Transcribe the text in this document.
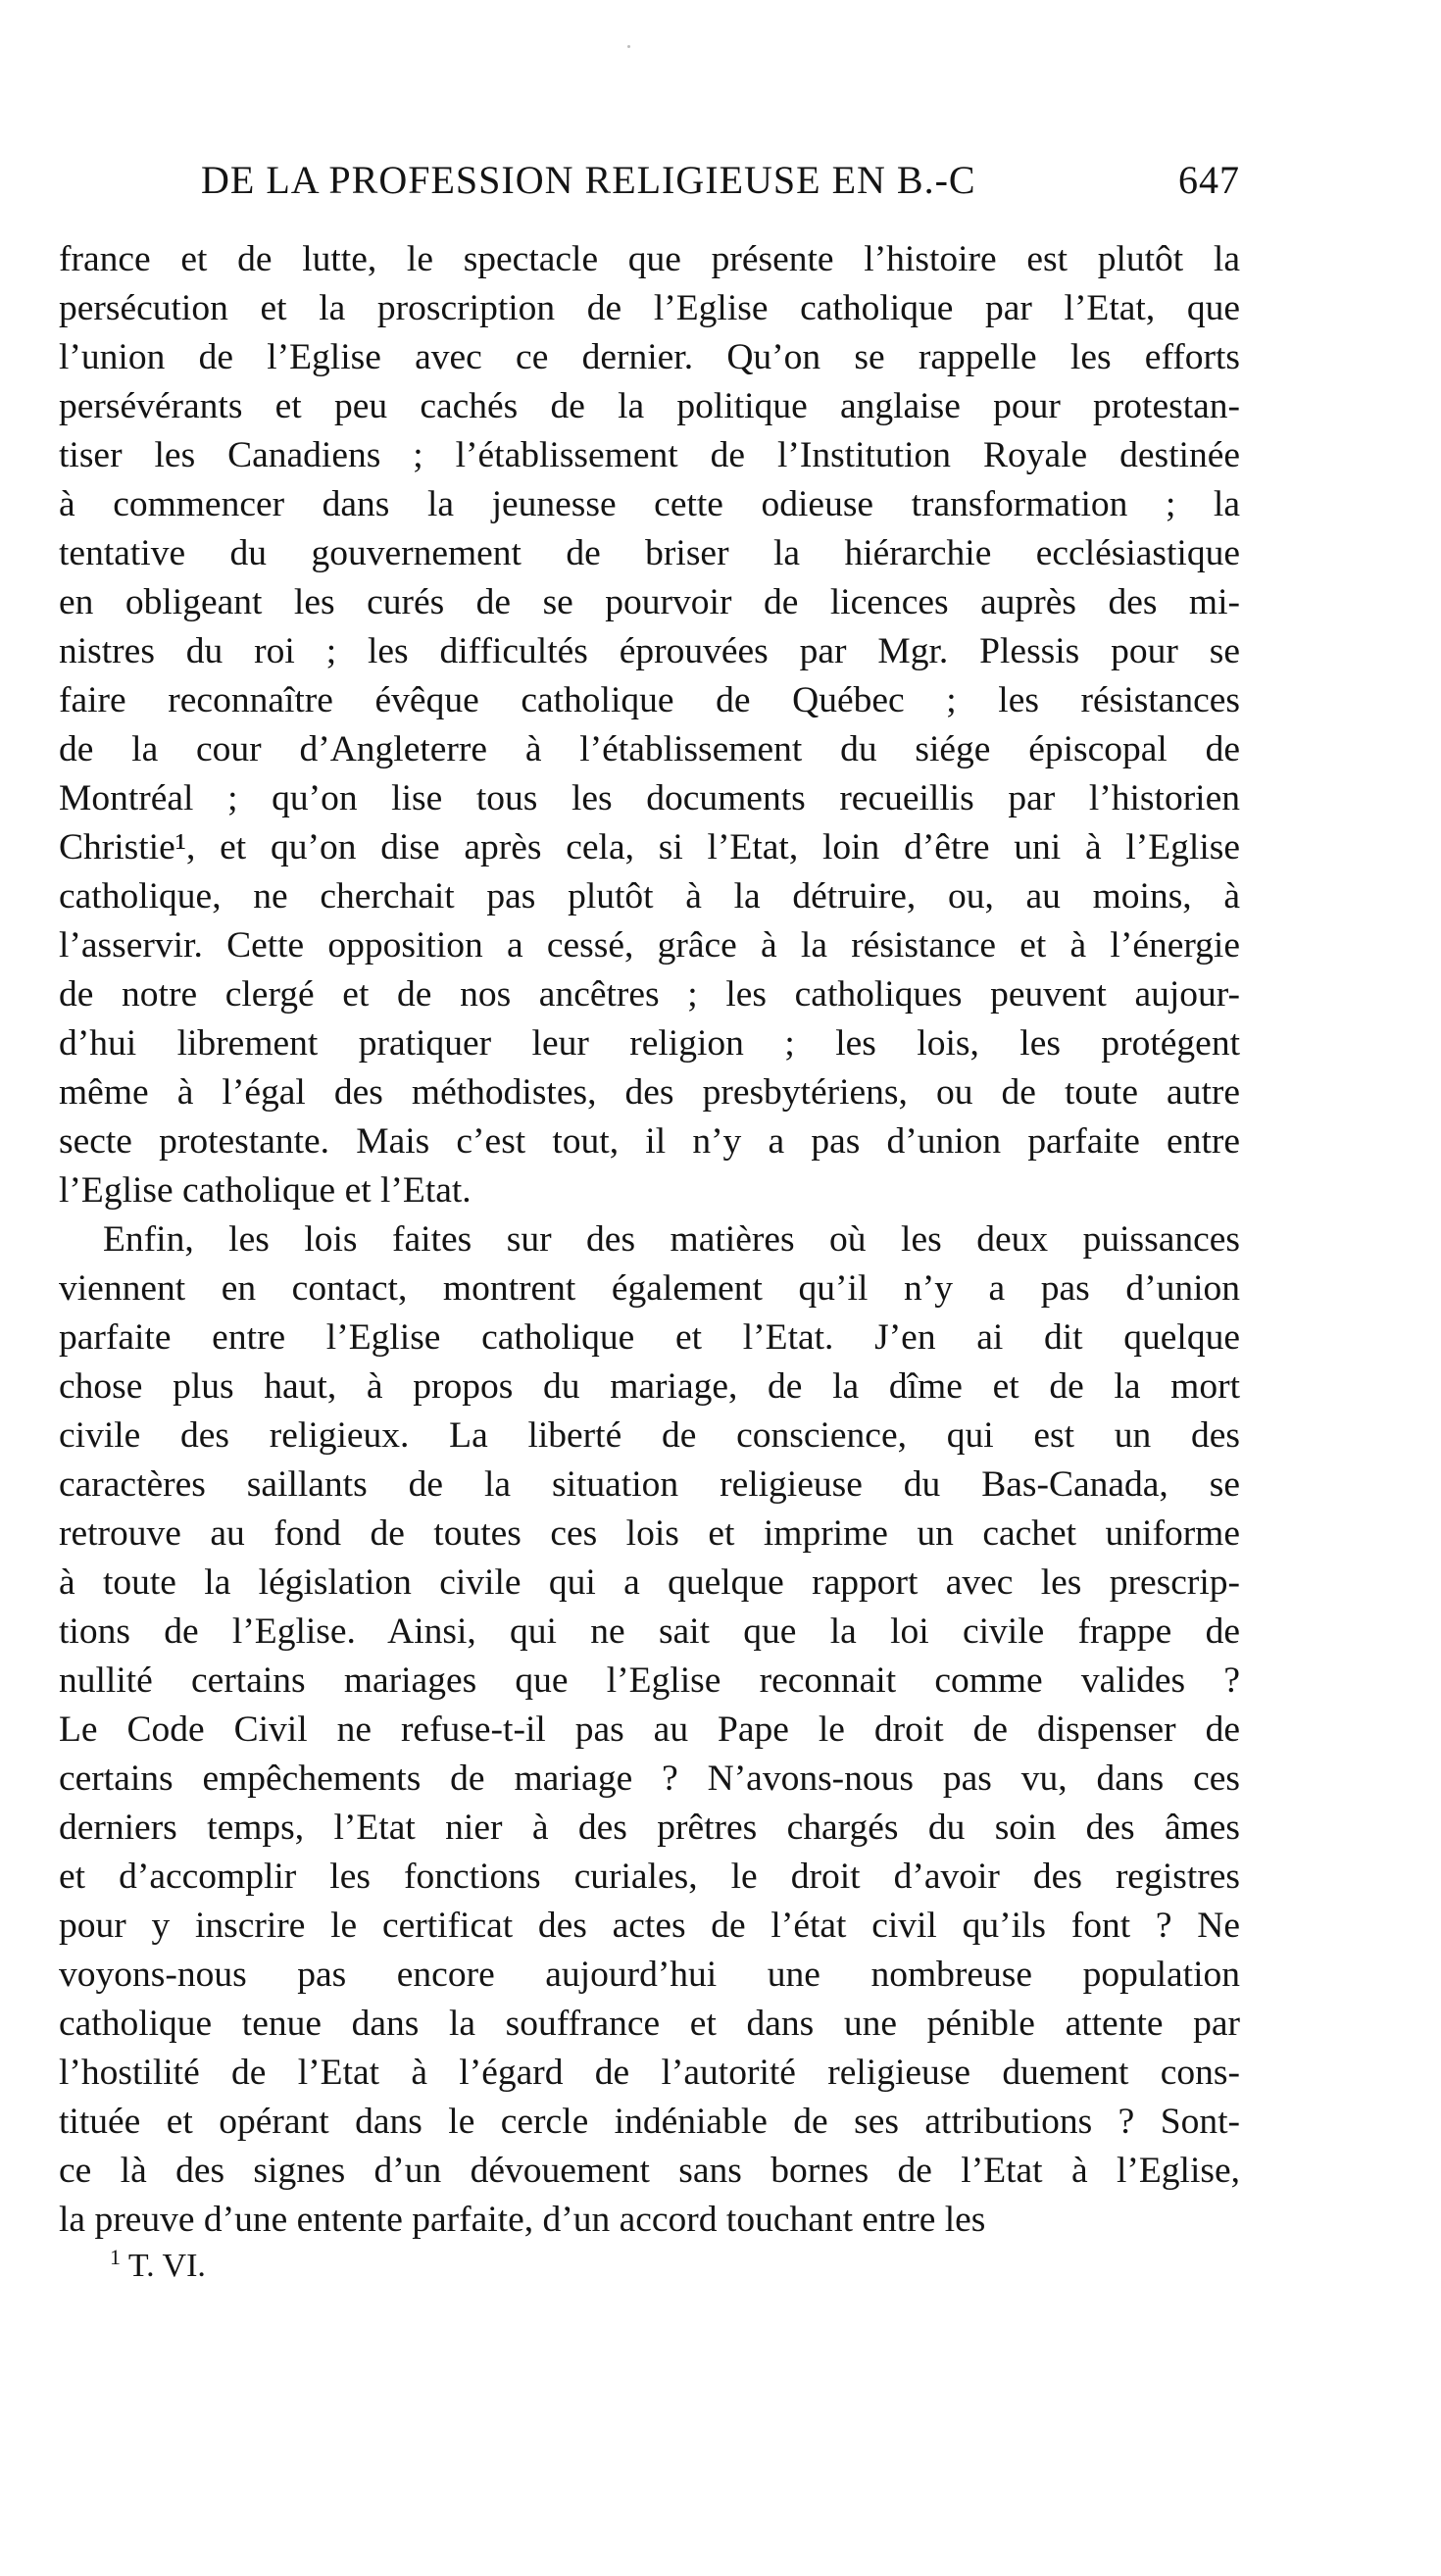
DE LA PROFESSION RELIGIEUSE EN B.-C	647
france et de lutte, le spectacle que présente l’histoire est plutôt la
persécution et la proscription de l’Eglise catholique par l’Etat, que
l’union de l’Eglise avec ce dernier. Qu’on se rappelle les efforts
persévérants et peu cachés de la politique anglaise pour protestan-
tiser les Canadiens ; l’établissement de l’Institution Royale destinée
à commencer dans la jeunesse cette odieuse transformation ; la
tentative du gouvernement de briser la hiérarchie ecclésiastique
en obligeant les curés de se pourvoir de licences auprès des mi-
nistres du roi ; les difficultés éprouvées par Mgr. Plessis pour se
faire reconnaître évêque catholique de Québec ; les résistances
de la cour d’Angleterre à l’établissement du siége épiscopal de
Montréal ; qu’on lise tous les documents recueillis par l’historien
Christie¹, et qu’on dise après cela, si l’Etat, loin d’être uni à l’Eglise
catholique, ne cherchait pas plutôt à la détruire, ou, au moins, à
l’asservir. Cette opposition a cessé, grâce à la résistance et à l’énergie
de notre clergé et de nos ancêtres ; les catholiques peuvent aujour-
d’hui librement pratiquer leur religion ; les lois, les protégent
même à l’égal des méthodistes, des presbytériens, ou de toute autre
secte protestante. Mais c’est tout, il n’y a pas d’union parfaite entre
l’Eglise catholique et l’Etat.
Enfin, les lois faites sur des matières où les deux puissances
viennent en contact, montrent également qu’il n’y a pas d’union
parfaite entre l’Eglise catholique et l’Etat. J’en ai dit quelque
chose plus haut, à propos du mariage, de la dîme et de la mort
civile des religieux. La liberté de conscience, qui est un des
caractères saillants de la situation religieuse du Bas-Canada, se
retrouve au fond de toutes ces lois et imprime un cachet uniforme
à toute la législation civile qui a quelque rapport avec les prescrip-
tions de l’Eglise. Ainsi, qui ne sait que la loi civile frappe de
nullité certains mariages que l’Eglise reconnait comme valides ?
Le Code Civil ne refuse-t-il pas au Pape le droit de dispenser de
certains empêchements de mariage ? N’avons-nous pas vu, dans ces
derniers temps, l’Etat nier à des prêtres chargés du soin des âmes
et d’accomplir les fonctions curiales, le droit d’avoir des registres
pour y inscrire le certificat des actes de l’état civil qu’ils font ? Ne
voyons-nous pas encore aujourd’hui une nombreuse population
catholique tenue dans la souffrance et dans une pénible attente par
l’hostilité de l’Etat à l’égard de l’autorité religieuse duement cons-
tituée et opérant dans le cercle indéniable de ses attributions ? Sont-
ce là des signes d’un dévouement sans bornes de l’Etat à l’Eglise,
la preuve d’une entente parfaite, d’un accord touchant entre les
$^1$ T. VI.
